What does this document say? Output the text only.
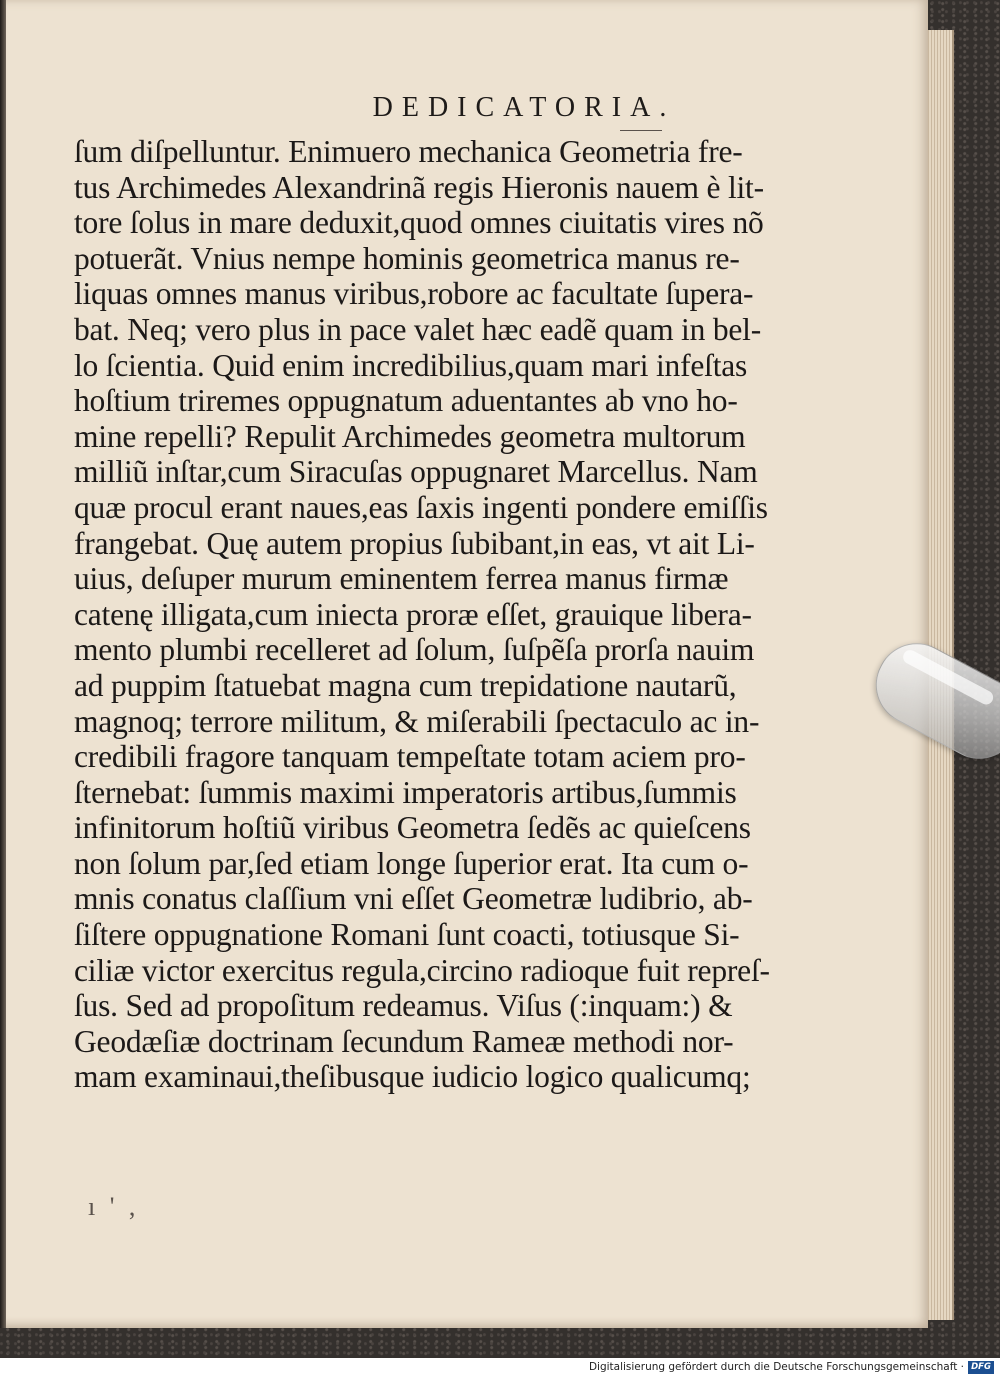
DEDICATORIA.
ſum diſpelluntur. Enimuero mechanica Geometria fre-
tus Archimedes Alexandrinã regis Hieronis nauem è lit-
tore ſolus in mare deduxit,quod omnes ciuitatis vires nõ
potuerãt. Vnius nempe hominis geometrica manus re-
liquas omnes manus viribus,robore ac facultate ſupera-
bat. Neq; vero plus in pace valet hæc eadẽ quam in bel-
lo ſcientia. Quid enim incredibilius,quam mari infeſtas
hoſtium triremes oppugnatum aduentantes ab vno ho-
mine repelli? Repulit Archimedes geometra multorum
milliũ inſtar,cum Siracuſas oppugnaret Marcellus. Nam
quæ procul erant naues,eas ſaxis ingenti pondere emiſſis
frangebat. Quę autem propius ſubibant,in eas, vt ait Li-
uius, deſuper murum eminentem ferrea manus firmæ
catenę illigata,cum iniecta proræ eſſet, grauique libera-
mento plumbi recelleret ad ſolum, ſuſpẽſa prorſa nauim
ad puppim ſtatuebat magna cum trepidatione nautarũ,
magnoq; terrore militum, & miſerabili ſpectaculo ac in-
credibili fragore tanquam tempeſtate totam aciem pro-
ſternebat: ſummis maximi imperatoris artibus,ſummis
infinitorum hoſtiũ viribus Geometra ſedẽs ac quieſcens
non ſolum par,ſed etiam longe ſuperior erat. Ita cum o-
mnis conatus claſſium vni eſſet Geometræ ludibrio, ab-
ſiſtere oppugnatione Romani ſunt coacti, totiusque Si-
ciliæ victor exercitus regula,circino radioque fuit repreſ-
ſus. Sed ad propoſitum redeamus. Viſus (:inquam:) &
Geodæſiæ doctrinam ſecundum Rameæ methodi nor-
mam examinaui,theſibusque iudicio logico qualicumq;
ı ' ,
Digitalisierung gefördert durch die Deutsche Forschungsgemeinschaft · DFG
